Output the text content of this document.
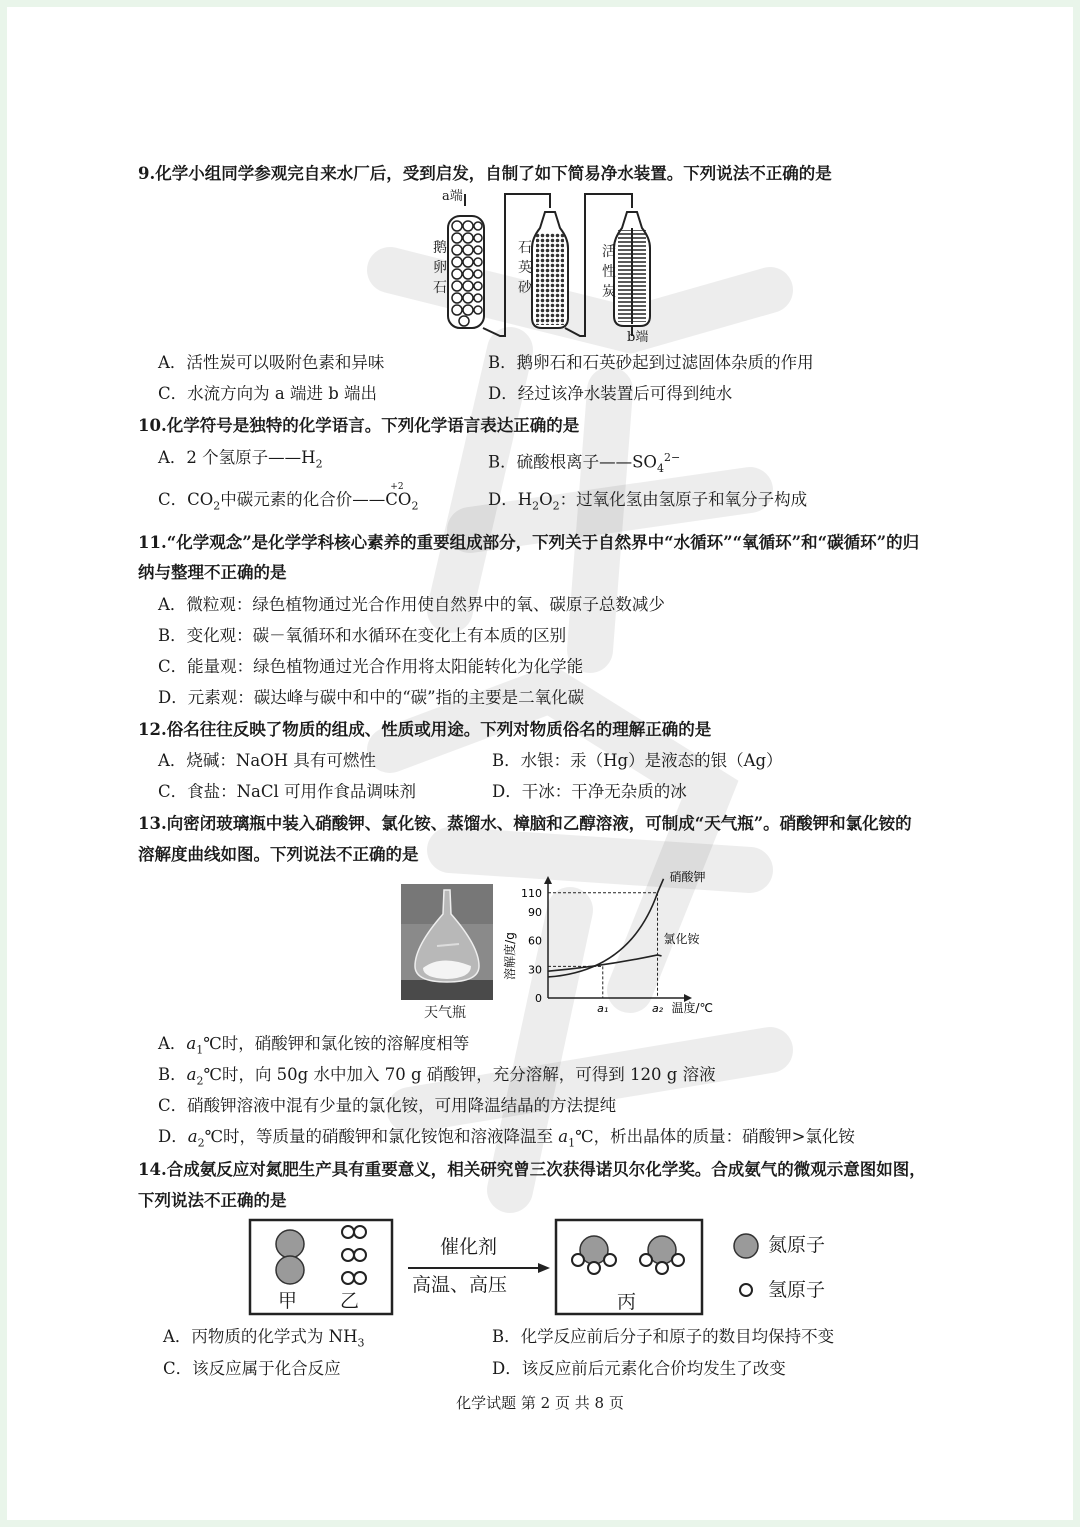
9.化学小组同学参观完自来水厂后，受到启发，自制了如下简易净水装置。下列说法不正确的是
a端
b端
鹅
卵
石
石
英
砂
活
性
炭
A．活性炭可以吸附色素和异味	B．鹅卵石和石英砂起到过滤固体杂质的作用
C．水流方向为 a 端进 b 端出	D．经过该净水装置后可得到纯水
10.化学符号是独特的化学语言。下列化学语言表达正确的是
A．2 个氢原子$——H_2$	B．硫酸根离子$——SO_4^{2-}$
C．$CO_2$中碳元素的化合价——
+2
$CO_2$	D．$H_2O_2$：过氧化氢由氢原子和氧分子构成
11.“化学观念”是化学学科核心素养的重要组成部分，下列关于自然界中“水循环”“氧循环”和“碳循环”的归
纳与整理不正确的是
A．微粒观：绿色植物通过光合作用使自然界中的氧、碳原子总数减少
B．变化观：碳－氧循环和水循环在变化上有本质的区别
C．能量观：绿色植物通过光合作用将太阳能转化为化学能
D．元素观：碳达峰与碳中和中的“碳”指的主要是二氧化碳
12.俗名往往反映了物质的组成、性质或用途。下列对物质俗名的理解正确的是
A．烧碱：NaOH 具有可燃性	B．水银：汞（Hg）是液态的银（Ag）
C．食盐：NaCl 可用作食品调味剂	D．干冰：干净无杂质的冰
13.向密闭玻璃瓶中装入硝酸钾、氯化铵、蒸馏水、樟脑和乙醇溶液，可制成“天气瓶”。硝酸钾和氯化铵的
溶解度曲线如图。下列说法不正确的是
天气瓶
0
30
60
90
110
a₁	a₂
硝酸钾
氯化铵
溶解度/g
温度/℃
A．$a_1℃$时，硝酸钾和氯化铵的溶解度相等
B．$a_2℃$时，向 50g 水中加入 70 g 硝酸钾，充分溶解，可得到 120 g 溶液
C．硝酸钾溶液中混有少量的氯化铵，可用降温结晶的方法提纯
D．$a_2℃$时，等质量的硝酸钾和氯化铵饱和溶液降温至 $a_1℃$，析出晶体的质量：硝酸钾>氯化铵
14.合成氨反应对氮肥生产具有重要意义，相关研究曾三次获得诺贝尔化学奖。合成氨气的微观示意图如图，
下列说法不正确的是
甲 乙
催化剂
高温、高压
丙
氮原子
氢原子
A．丙物质的化学式为 $NH_3$	B．化学反应前后分子和原子的数目均保持不变
C．该反应属于化合反应	D．该反应前后元素化合价均发生了改变
化学试题 第 2 页 共 8 页
